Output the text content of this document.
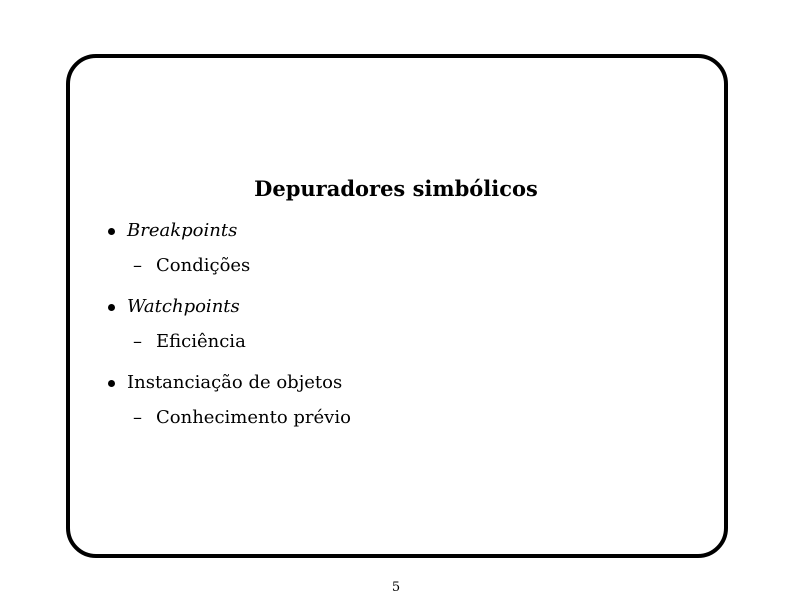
Depuradores simbólicos
Breakpoints
– Condições
Watchpoints
– Eficiência
Instanciação de objetos
– Conhecimento prévio
5
